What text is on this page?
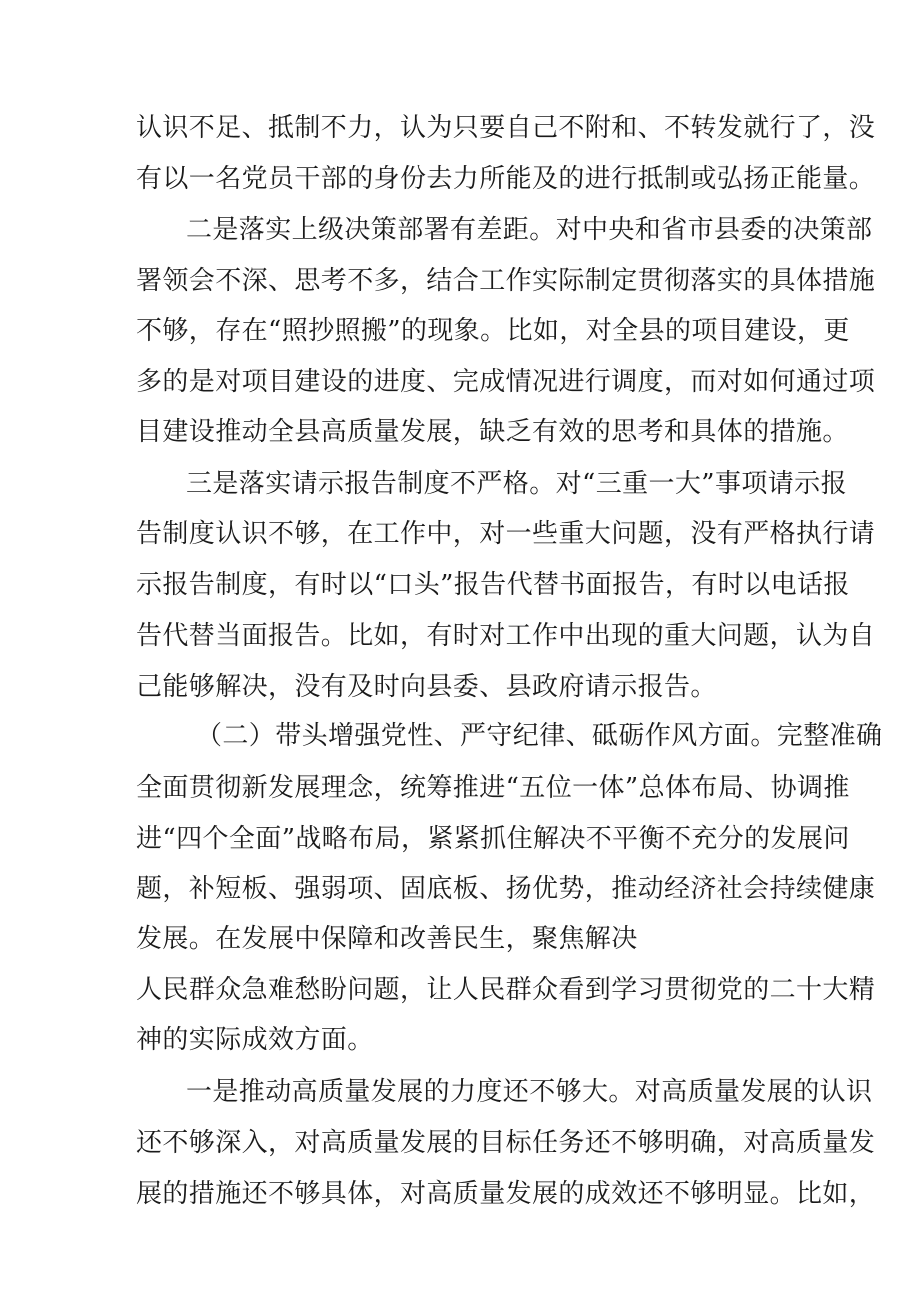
认识不足、抵制不力，认为只要自己不附和、不转发就行了，没

有以一名党员干部的身份去力所能及的进行抵制或弘扬正能量。

二是落实上级决策部署有差距。对中央和省市县委的决策部

署领会不深、思考不多，结合工作实际制定贯彻落实的具体措施

不够，存在“照抄照搬”的现象。比如，对全县的项目建设，更

多的是对项目建设的进度、完成情况进行调度，而对如何通过项

目建设推动全县高质量发展，缺乏有效的思考和具体的措施。

三是落实请示报告制度不严格。对“三重一大”事项请示报

告制度认识不够，在工作中，对一些重大问题，没有严格执行请

示报告制度，有时以“口头”报告代替书面报告，有时以电话报

告代替当面报告。比如，有时对工作中出现的重大问题，认为自

己能够解决，没有及时向县委、县政府请示报告。

（二）带头增强党性、严守纪律、砥砺作风方面。完整准确

全面贯彻新发展理念，统筹推进“五位一体”总体布局、协调推

进“四个全面”战略布局，紧紧抓住解决不平衡不充分的发展问

题，补短板、强弱项、固底板、扬优势，推动经济社会持续健康

发展。在发展中保障和改善民生，聚焦解决

人民群众急难愁盼问题，让人民群众看到学习贯彻党的二十大精

神的实际成效方面。

一是推动高质量发展的力度还不够大。对高质量发展的认识

还不够深入，对高质量发展的目标任务还不够明确，对高质量发

展的措施还不够具体，对高质量发展的成效还不够明显。比如，
